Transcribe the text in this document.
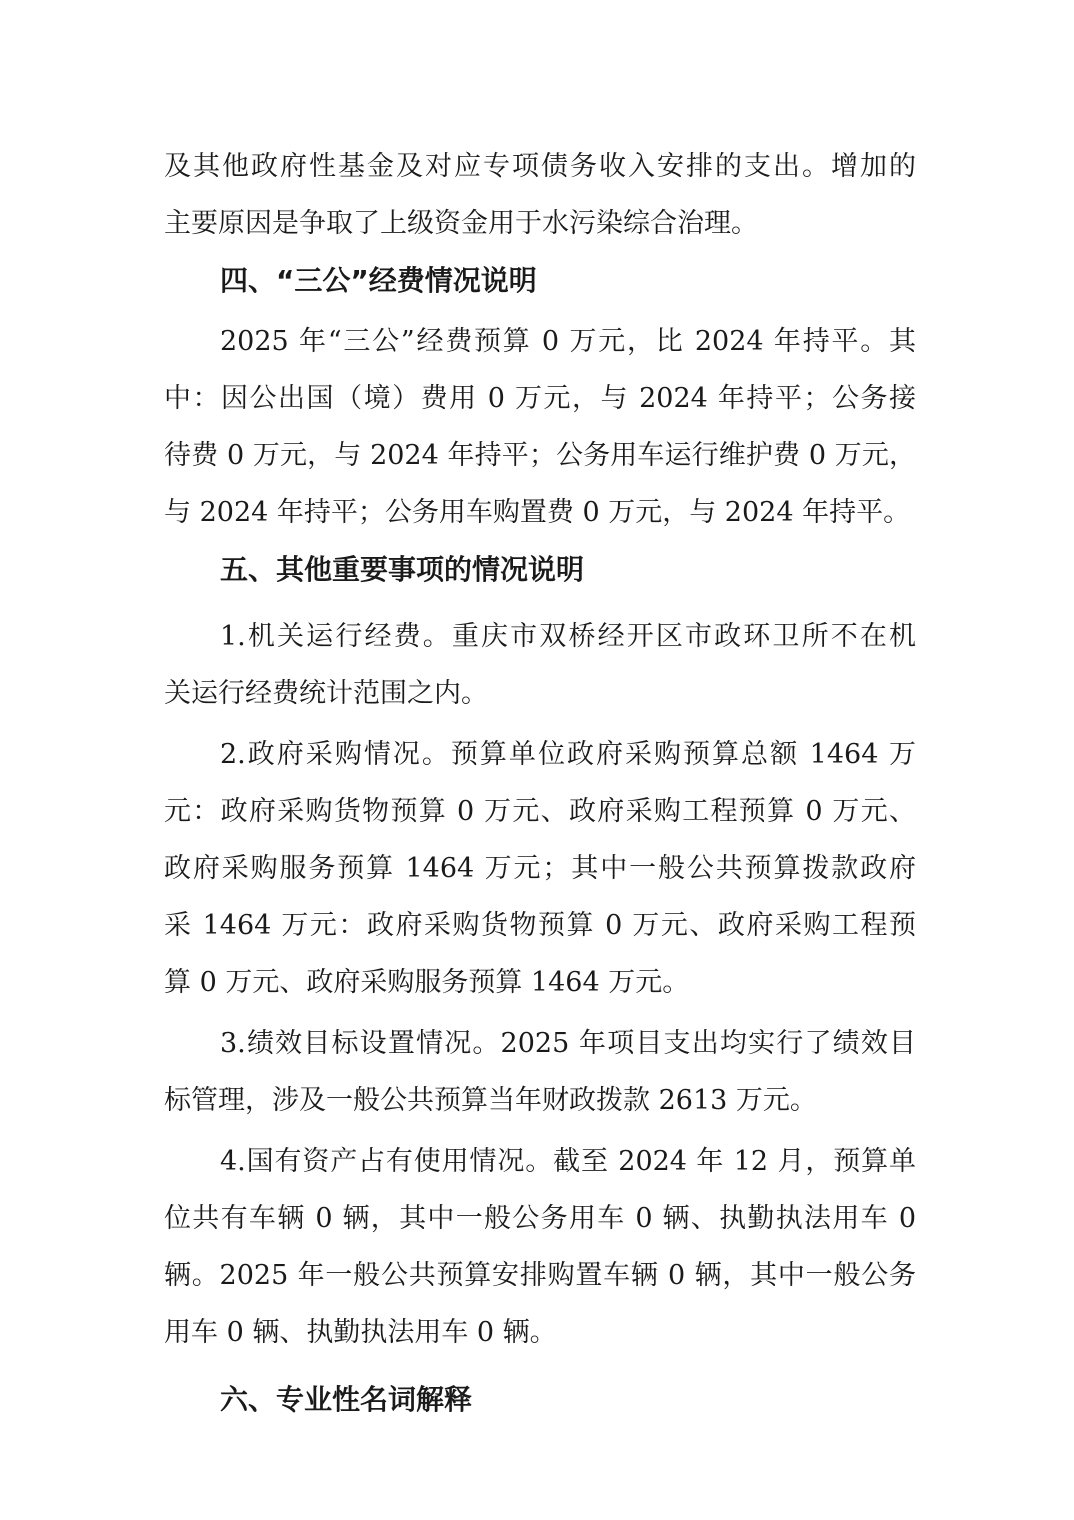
及其他政府性基金及对应专项债务收入安排的支出。增加的
主要原因是争取了上级资金用于水污染综合治理。
四、“三公”经费情况说明
2025 年“三公”经费预算 0 万元，比 2024 年持平。其
中：因公出国（境）费用 0 万元，与 2024 年持平；公务接
待费 0 万元，与 2024 年持平；公务用车运行维护费 0 万元，
与 2024 年持平；公务用车购置费 0 万元，与 2024 年持平。
五、其他重要事项的情况说明
1.机关运行经费。重庆市双桥经开区市政环卫所不在机
关运行经费统计范围之内。
2.政府采购情况。预算单位政府采购预算总额 1464 万
元：政府采购货物预算 0 万元、政府采购工程预算 0 万元、
政府采购服务预算 1464 万元；其中一般公共预算拨款政府
采 1464 万元：政府采购货物预算 0 万元、政府采购工程预
算 0 万元、政府采购服务预算 1464 万元。
3.绩效目标设置情况。2025 年项目支出均实行了绩效目
标管理，涉及一般公共预算当年财政拨款 2613 万元。
4.国有资产占有使用情况。截至 2024 年 12 月，预算单
位共有车辆 0 辆，其中一般公务用车 0 辆、执勤执法用车 0
辆。2025 年一般公共预算安排购置车辆 0 辆，其中一般公务
用车 0 辆、执勤执法用车 0 辆。
六、专业性名词解释
